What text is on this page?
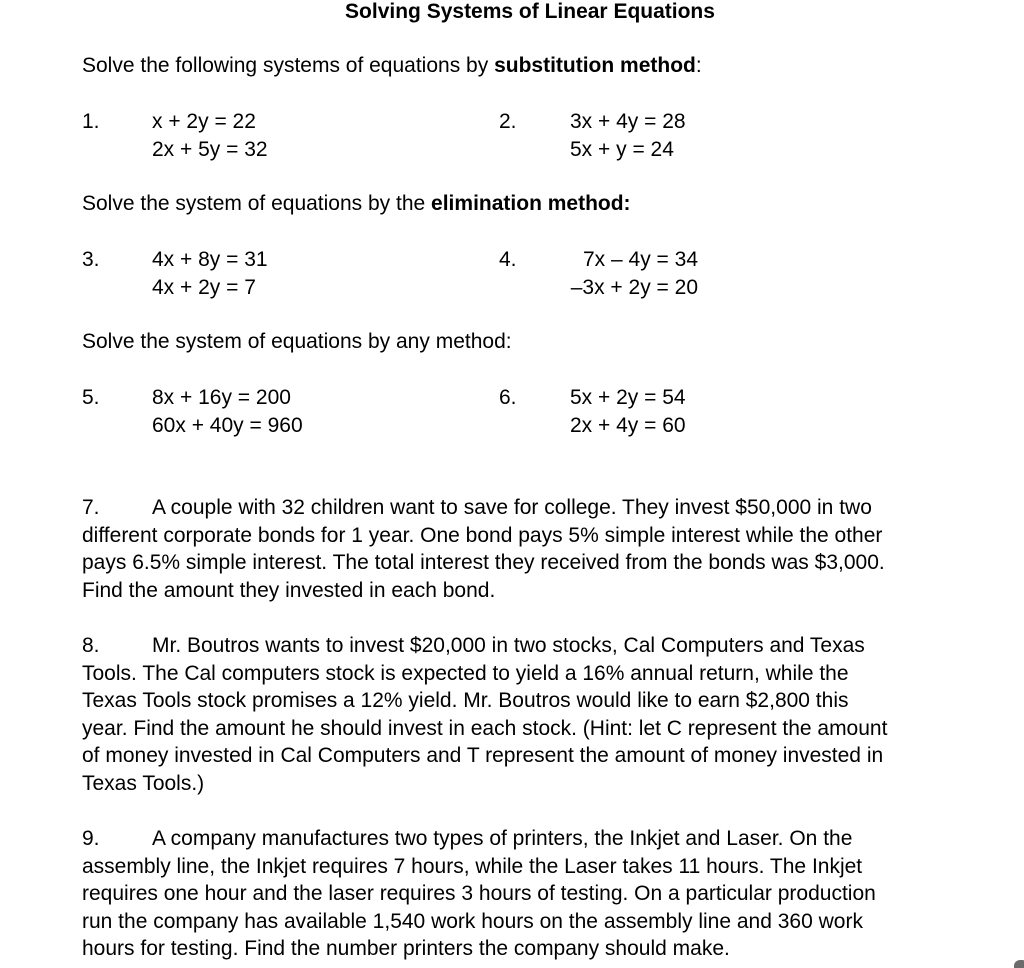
Solving Systems of Linear Equations

Solve the following systems of equations by substitution method:

1. x + 2y = 22
2x + 5y = 32

2.	3x + 4y = 28
5x + y = 24

Solve the system of equations by the elimination method:

3. 4x + 8y = 31
4x + 2y = 7

4.	7x – 4y = 34
–3x + 2y = 20

Solve the system of equations by any method:

5. 8x + 16y = 200
60x + 40y = 960

6.	5x + 2y = 54
2x + 4y = 60
7. A couple with 32 children want to save for college. They invest $50,000 in two
different corporate bonds for 1 year. One bond pays 5% simple interest while the other
pays 6.5% simple interest. The total interest they received from the bonds was $3,000.
Find the amount they invested in each bond.
8. Mr. Boutros wants to invest $20,000 in two stocks, Cal Computers and Texas
Tools. The Cal computers stock is expected to yield a 16% annual return, while the
Texas Tools stock promises a 12% yield. Mr. Boutros would like to earn $2,800 this
year. Find the amount he should invest in each stock. (Hint: let C represent the amount
of money invested in Cal Computers and T represent the amount of money invested in
Texas Tools.)
9. A company manufactures two types of printers, the Inkjet and Laser. On the
assembly line, the Inkjet requires 7 hours, while the Laser takes 11 hours. The Inkjet
requires one hour and the laser requires 3 hours of testing. On a particular production
run the company has available 1,540 work hours on the assembly line and 360 work
hours for testing. Find the number printers the company should make.
